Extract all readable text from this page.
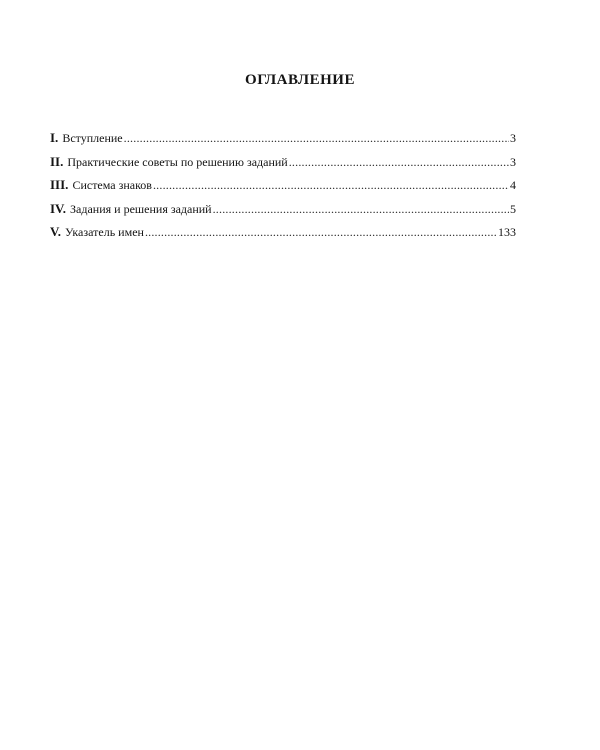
ОГЛАВЛЕНИЕ
I. Вступление .....	3
II. Практические советы по решению заданий .....	3
III. Система знаков .....	4
IV. Задания и решения заданий .....	5
V. Указатель имен .....	133
